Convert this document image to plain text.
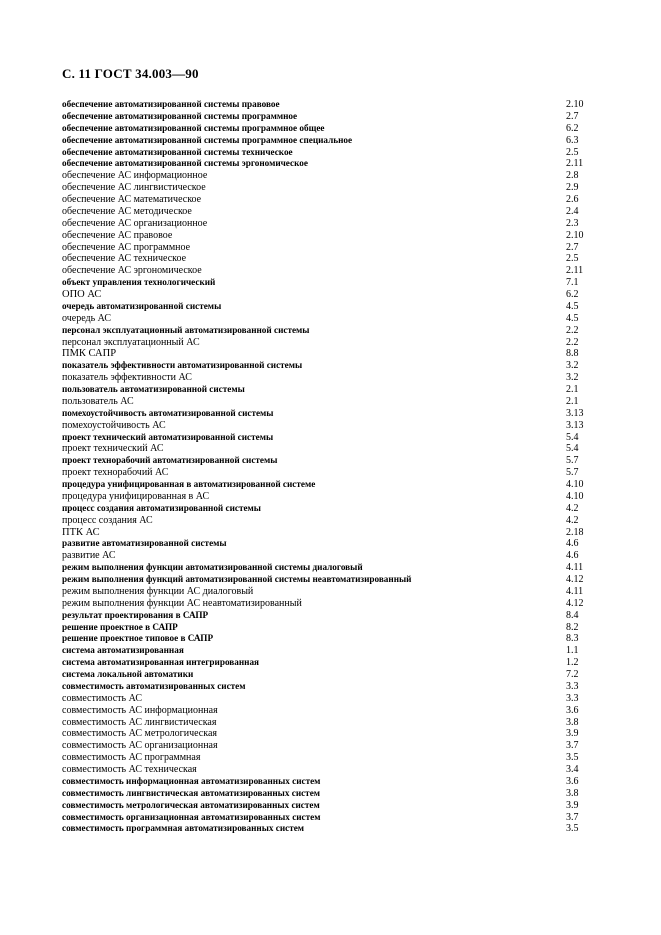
С. 11 ГОСТ 34.003—90
обеспечение автоматизированной системы правовое	2.10
обеспечение автоматизированной системы программное	2.7
обеспечение автоматизированной системы программное общее	6.2
обеспечение автоматизированной системы программное специальное	6.3
обеспечение автоматизированной системы техническое	2.5
обеспечение автоматизированной системы эргономическое	2.11
обеспечение АС информационное	2.8
обеспечение АС лингвистическое	2.9
обеспечение АС математическое	2.6
обеспечение АС методическое	2.4
обеспечение АС организационное	2.3
обеспечение АС правовое	2.10
обеспечение АС программное	2.7
обеспечение АС техническое	2.5
обеспечение АС эргономическое	2.11
объект управления технологический	7.1
ОПО АС	6.2
очередь автоматизированной системы	4.5
очередь АС	4.5
персонал эксплуатационный автоматизированной системы	2.2
персонал эксплуатационный АС	2.2
ПМК САПР	8.8
показатель эффективности автоматизированной системы	3.2
показатель эффективности АС	3.2
пользователь автоматизированной системы	2.1
пользователь АС	2.1
помехоустойчивость автоматизированной системы	3.13
помехоустойчивость АС	3.13
проект технический автоматизированной системы	5.4
проект технический АС	5.4
проект технорабочий автоматизированной системы	5.7
проект технорабочий АС	5.7
процедура унифицированная в автоматизированной системе	4.10
процедура унифицированная в АС	4.10
процесс создания автоматизированной системы	4.2
процесс создания АС	4.2
ПТК АС	2.18
развитие автоматизированной системы	4.6
развитие АС	4.6
режим выполнения функции автоматизированной системы диалоговый	4.11
режим выполнения функций автоматизированной системы неавтоматизированный	4.12
режим выполнения функции АС диалоговый	4.11
режим выполнения функции АС неавтоматизированный	4.12
результат проектирования в САПР	8.4
решение проектное в САПР	8.2
решение проектное типовое в САПР	8.3
система автоматизированная	1.1
система автоматизированная интегрированная	1.2
система локальной автоматики	7.2
совместимость автоматизированных систем	3.3
совместимость АС	3.3
совместимость АС информационная	3.6
совместимость АС лингвистическая	3.8
совместимость АС метрологическая	3.9
совместимость АС организационная	3.7
совместимость АС программная	3.5
совместимость АС техническая	3.4
совместимость информационная автоматизированных систем	3.6
совместимость лингвистическая автоматизированных систем	3.8
совместимость метрологическая автоматизированных систем	3.9
совместимость организационная автоматизированных систем	3.7
совместимость программная автоматизированных систем	3.5
